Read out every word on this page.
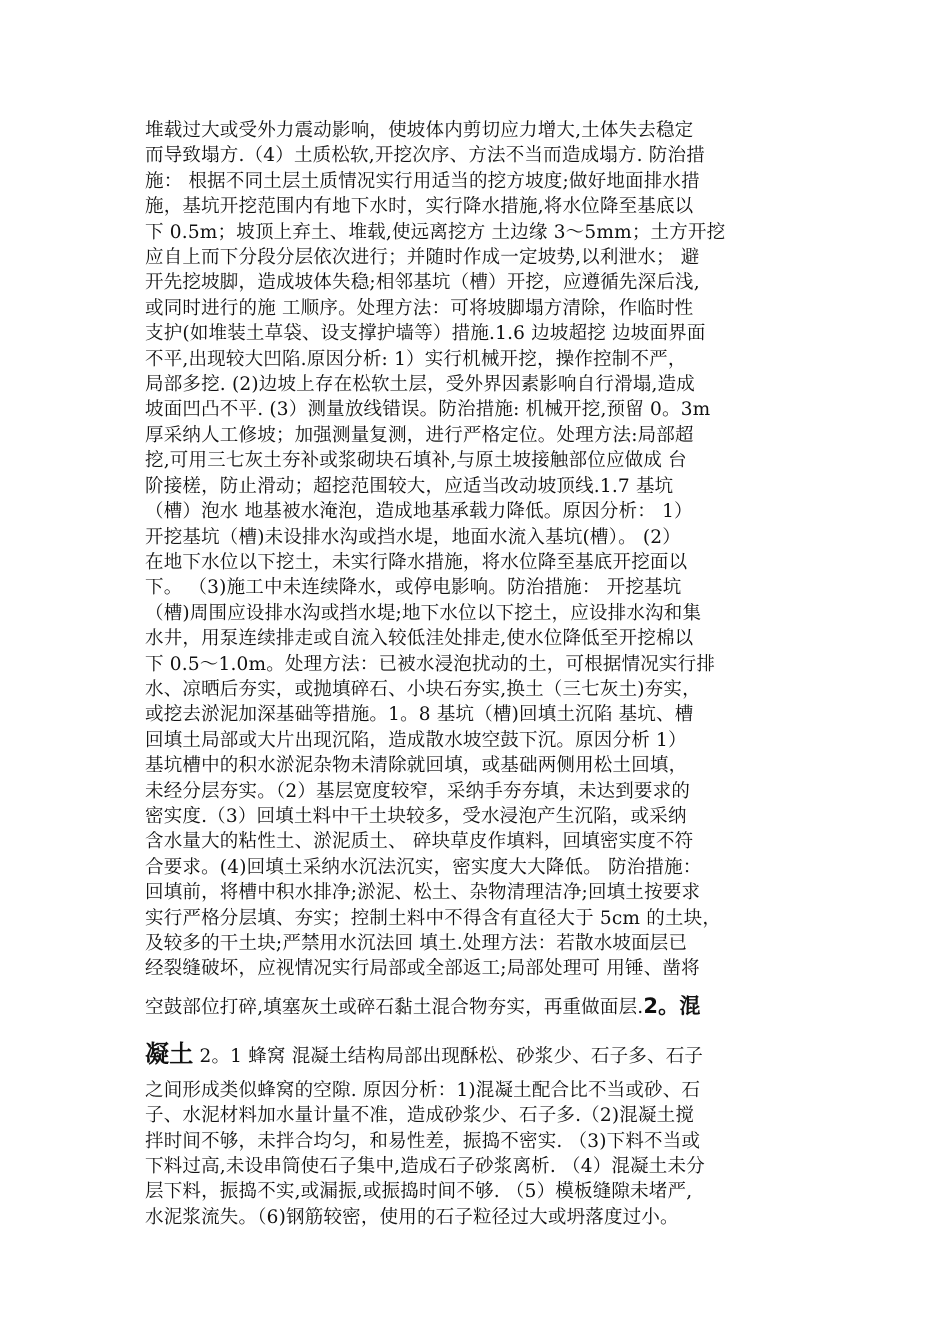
堆载过大或受外力震动影响，使坡体内剪切应力增大,土体失去稳定
而导致塌方.（4）土质松软,开挖次序、方法不当而造成塌方. 防治措
施： 根据不同土层土质情况实行用适当的挖方坡度;做好地面排水措
施，基坑开挖范围内有地下水时，实行降水措施,将水位降至基底以
下 0.5m；坡顶上弃土、堆载,使远离挖方 土边缘 3～5mm；土方开挖
应自上而下分段分层依次进行；并随时作成一定坡势,以利泄水； 避
开先挖坡脚，造成坡体失稳;相邻基坑（槽）开挖，应遵循先深后浅,
或同时进行的施 工顺序。处理方法：可将坡脚塌方清除，作临时性
支护(如堆装土草袋、设支撑护墙等）措施.1.6 边坡超挖 边坡面界面
不平,出现较大凹陷.原因分析: 1）实行机械开挖，操作控制不严，
局部多挖. (2)边坡上存在松软土层，受外界因素影响自行滑塌,造成
坡面凹凸不平. (3）测量放线错误。防治措施: 机械开挖,预留 0。3m
厚采纳人工修坡；加强测量复测，进行严格定位。处理方法:局部超
挖,可用三七灰土夯补或浆砌块石填补,与原土坡接触部位应做成 台
阶接槎，防止滑动；超挖范围较大，应适当改动坡顶线.1.7 基坑
（槽）泡水 地基被水淹泡，造成地基承载力降低。原因分析： 1）
开挖基坑（槽)未设排水沟或挡水堤，地面水流入基坑(槽）。 (2）
在地下水位以下挖土，未实行降水措施，将水位降至基底开挖面以
下。 （3)施工中未连续降水，或停电影响。防治措施： 开挖基坑
（槽)周围应设排水沟或挡水堤;地下水位以下挖土，应设排水沟和集
水井，用泵连续排走或自流入较低洼处排走,使水位降低至开挖棉以
下 0.5～1.0m。处理方法：已被水浸泡扰动的土，可根据情况实行排
水、凉晒后夯实，或抛填碎石、小块石夯实,换土（三七灰土)夯实，
或挖去淤泥加深基础等措施。1。8 基坑（槽)回填土沉陷 基坑、槽
回填土局部或大片出现沉陷，造成散水坡空鼓下沉。原因分析 1）
基坑槽中的积水淤泥杂物未清除就回填，或基础两侧用松土回填，
未经分层夯实。（2）基层宽度较窄，采纳手夯夯填，未达到要求的
密实度.（3）回填土料中干土块较多，受水浸泡产生沉陷，或采纳
含水量大的粘性土、淤泥质土、 碎块草皮作填料，回填密实度不符
合要求。(4)回填土采纳水沉法沉实，密实度大大降低。 防治措施：
回填前，将槽中积水排净;淤泥、松土、杂物清理洁净;回填土按要求
实行严格分层填、夯实；控制土料中不得含有直径大于 5cm 的土块，
及较多的干土块;严禁用水沉法回 填土.处理方法：若散水坡面层已
经裂缝破坏，应视情况实行局部或全部返工;局部处理可 用锤、凿将
空鼓部位打碎,填塞灰土或碎石黏土混合物夯实，再重做面层.2。混
凝土 2。1 蜂窝 混凝土结构局部出现酥松、砂浆少、石子多、石子
之间形成类似蜂窝的空隙. 原因分析：1)混凝土配合比不当或砂、石
子、水泥材料加水量计量不准，造成砂浆少、石子多.（2)混凝土搅
拌时间不够，未拌合均匀，和易性差，振捣不密实. （3)下料不当或
下料过高,未设串筒使石子集中,造成石子砂浆离析. （4）混凝土未分
层下料，振捣不实,或漏振,或振捣时间不够. （5）模板缝隙未堵严,
水泥浆流失。（6)钢筋较密，使用的石子粒径过大或坍落度过小。
